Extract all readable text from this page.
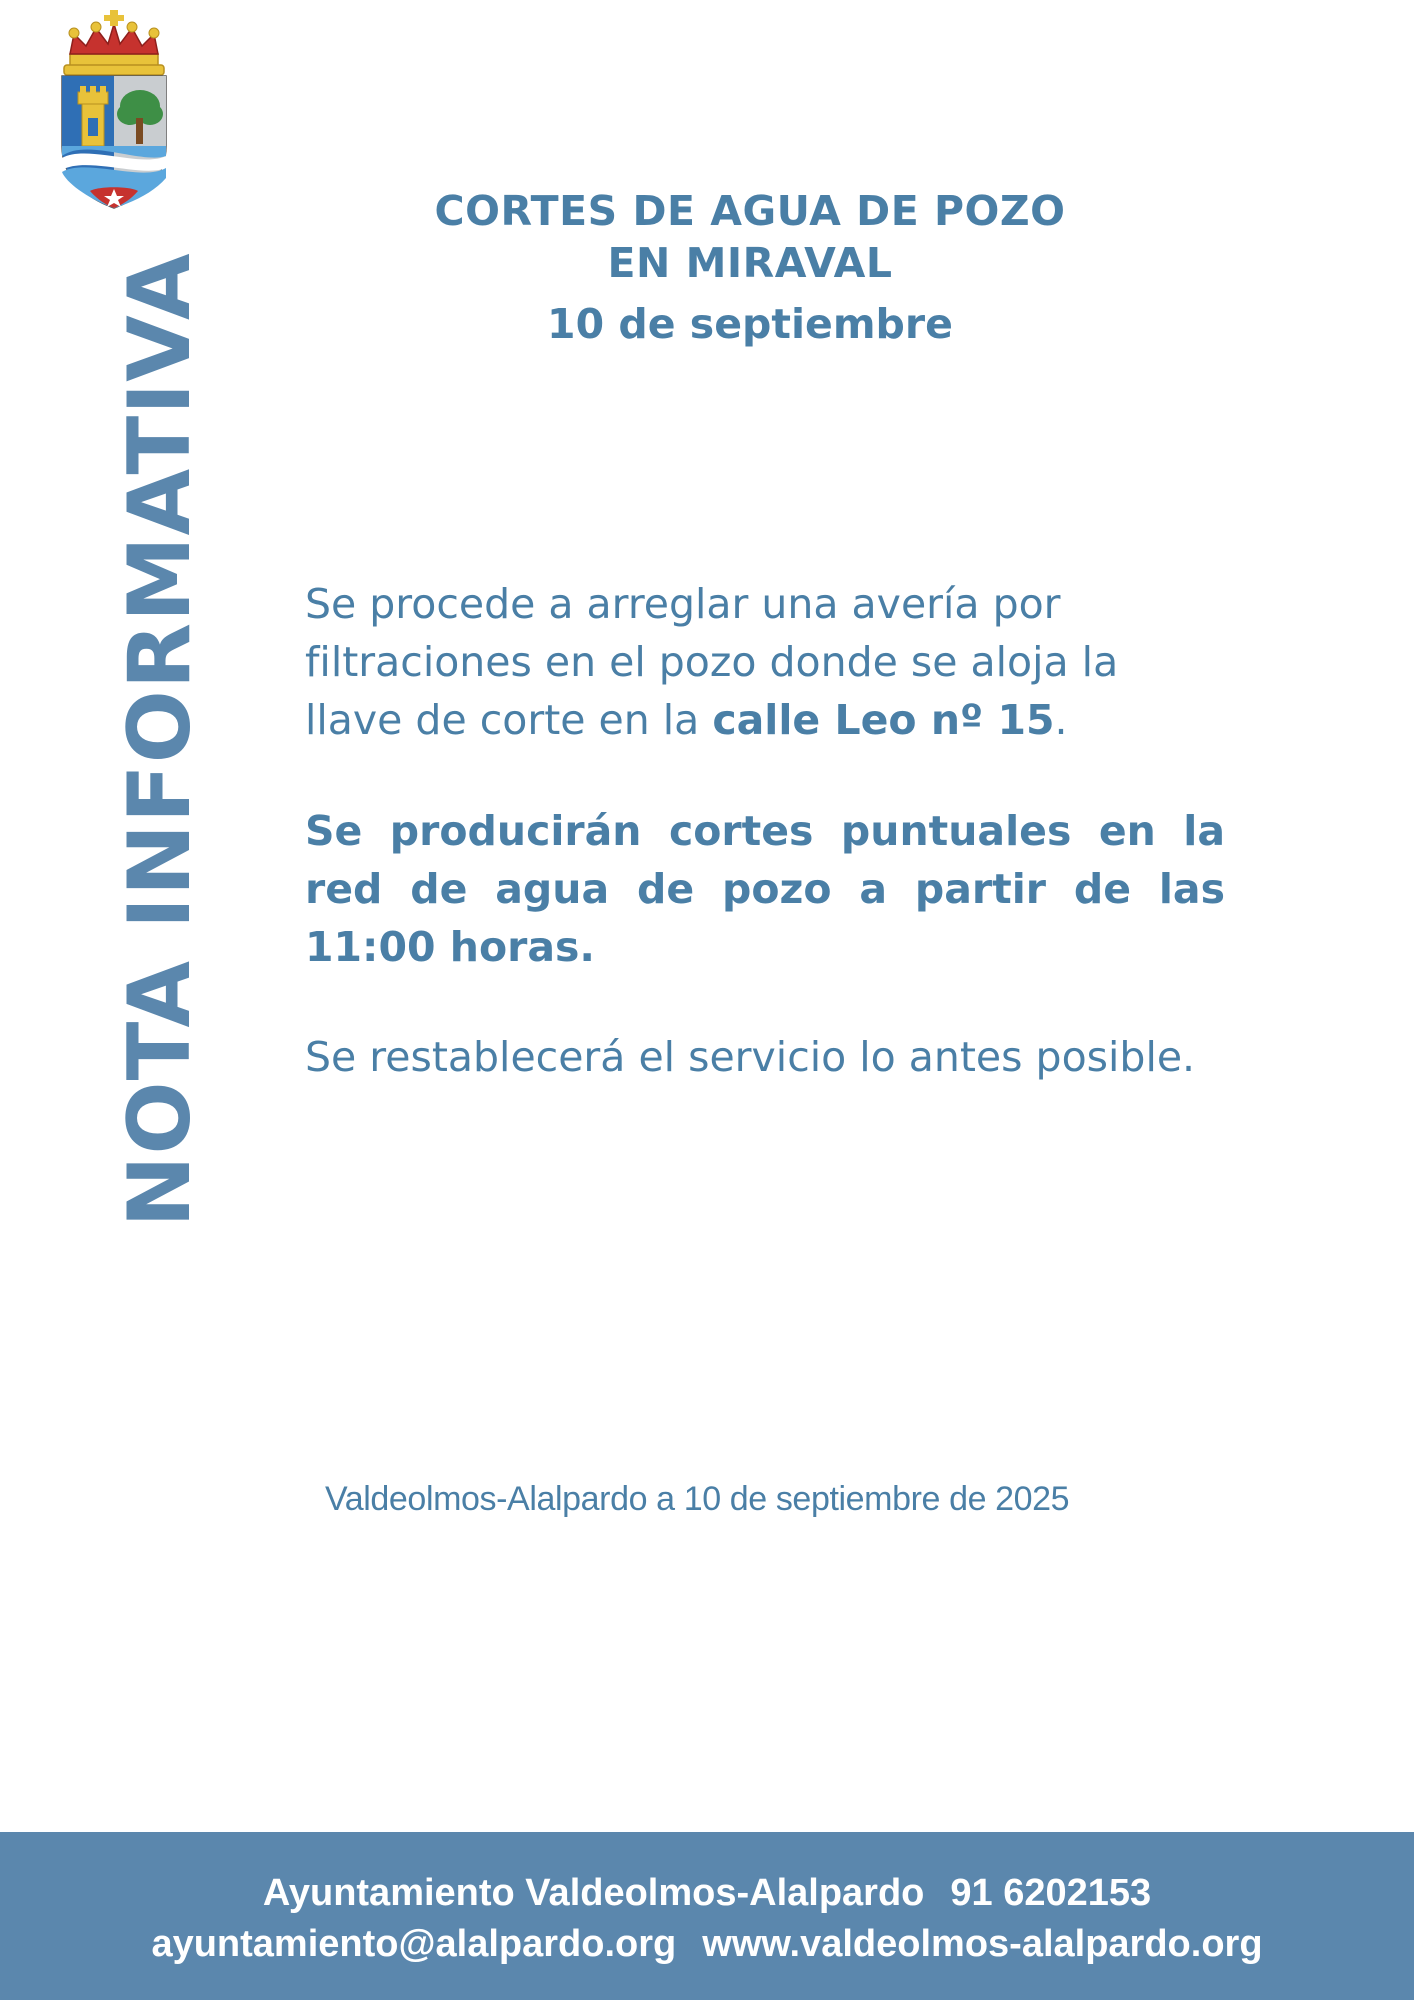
NOTA INFORMATIVA
CORTES DE AGUA DE POZO
EN MIRAVAL
10 de septiembre

Se procede a arreglar una avería por filtraciones en el pozo donde se aloja la llave de corte en la calle Leo nº 15.

Se producirán cortes puntuales en la red de agua de pozo a partir de las 11:00 horas.

Se restablecerá el servicio lo antes posible.

Valdeolmos-Alalpardo a 10 de septiembre de 2025
Ayuntamiento Valdeolmos-Alalpardo 91 6202153
ayuntamiento@alalpardo.org www.valdeolmos-alalpardo.org
